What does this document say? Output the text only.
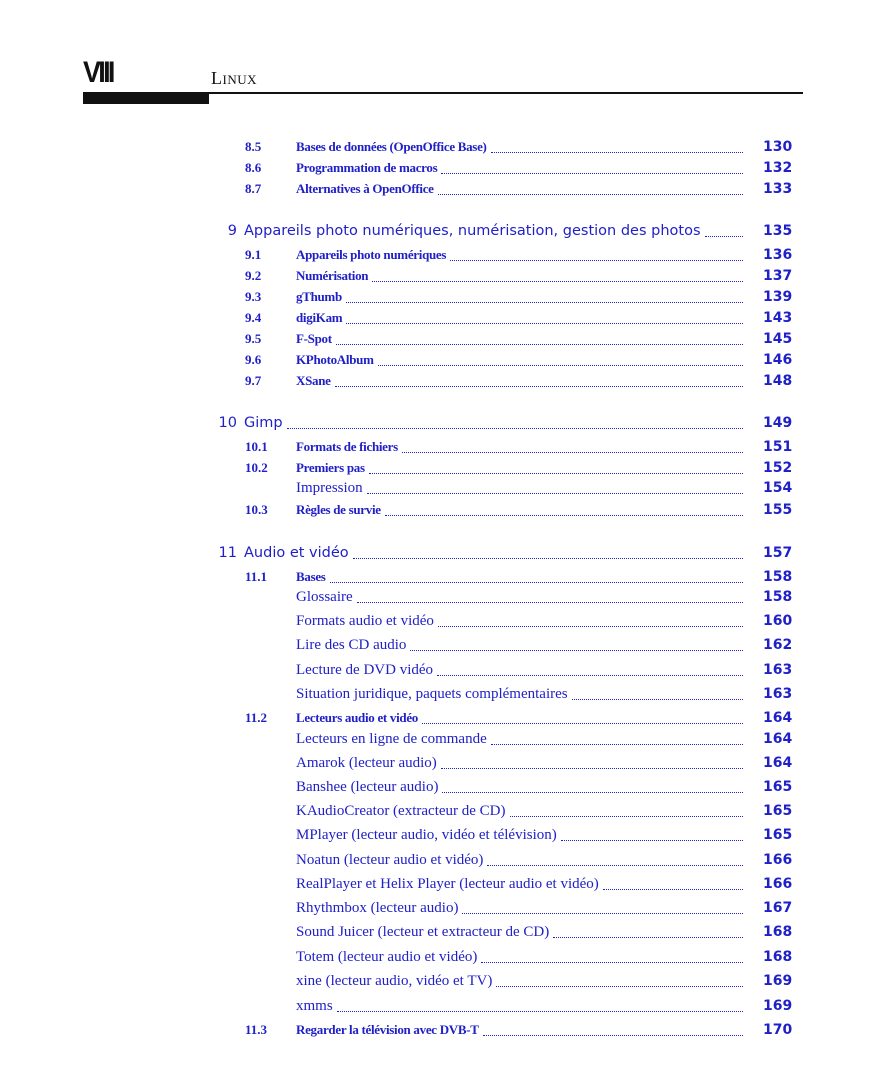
VIII	Linux
8.5	Bases de données (OpenOffice Base)	130
8.6	Programmation de macros	132
8.7	Alternatives à OpenOffice	133
9 Appareils photo numériques, numérisation, gestion des photos	135
9.1	Appareils photo numériques	136
9.2	Numérisation	137
9.3	gThumb	139
9.4	digiKam	143
9.5	F-Spot	145
9.6	KPhotoAlbum	146
9.7	XSane	148
10 Gimp	149
10.1 Formats de fichiers	151
10.2 Premiers pas	152
Impression	154
10.3 Règles de survie	155
11 Audio et vidéo	157
11.1 Bases	158
Glossaire	158
Formats audio et vidéo	160
Lire des CD audio	162
Lecture de DVD vidéo	163
Situation juridique, paquets complémentaires	163
11.2 Lecteurs audio et vidéo	164
Lecteurs en ligne de commande	164
Amarok (lecteur audio)	164
Banshee (lecteur audio)	165
KAudioCreator (extracteur de CD)	165
MPlayer (lecteur audio, vidéo et télévision)	165
Noatun (lecteur audio et vidéo)	166
RealPlayer et Helix Player (lecteur audio et vidéo)	166
Rhythmbox (lecteur audio)	167
Sound Juicer (lecteur et extracteur de CD)	168
Totem (lecteur audio et vidéo)	168
xine (lecteur audio, vidéo et TV)	169
xmms	169
11.3 Regarder la télévision avec DVB-T	170
